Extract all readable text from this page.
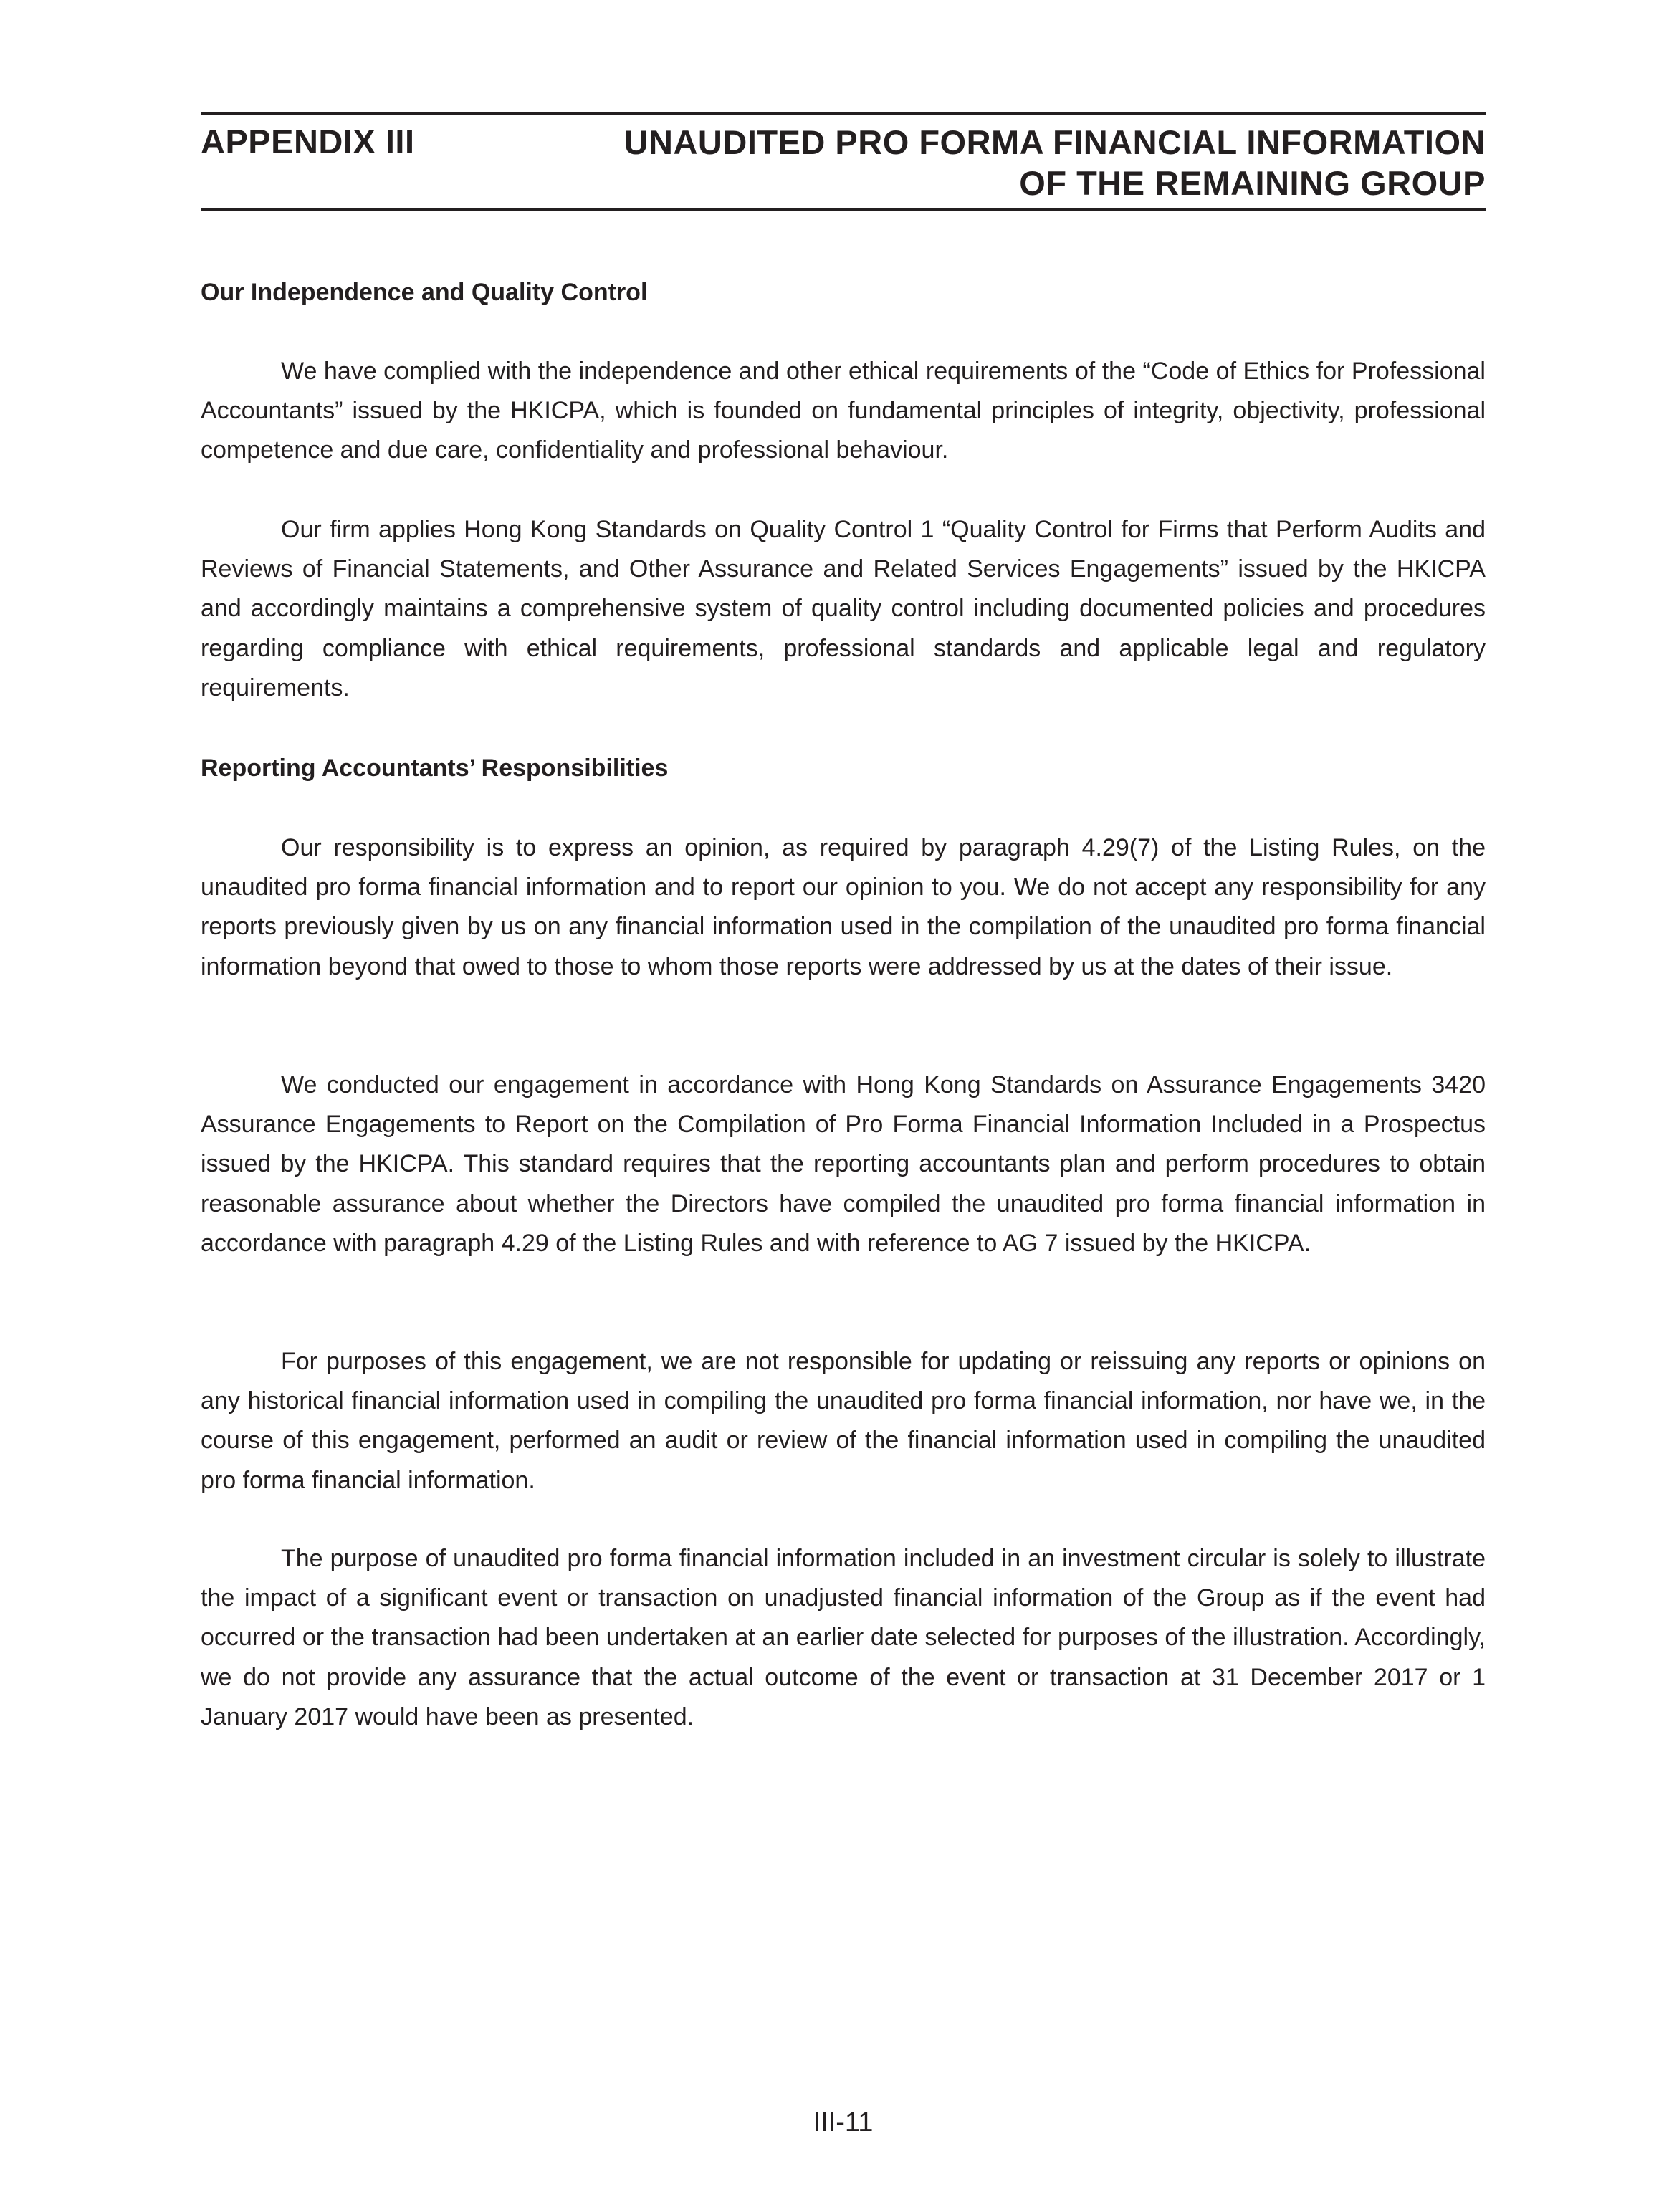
APPENDIX III	UNAUDITED PRO FORMA FINANCIAL INFORMATION
OF THE REMAINING GROUP
Our Independence and Quality Control

We have complied with the independence and other ethical requirements of the “Code of Ethics for Professional Accountants” issued by the HKICPA, which is founded on fundamental principles of integrity, objectivity, professional competence and due care, confidentiality and professional behaviour.

Our firm applies Hong Kong Standards on Quality Control 1 “Quality Control for Firms that Perform Audits and Reviews of Financial Statements, and Other Assurance and Related Services Engagements” issued by the HKICPA and accordingly maintains a comprehensive system of quality control including documented policies and procedures regarding compliance with ethical requirements, professional standards and applicable legal and regulatory requirements.

Reporting Accountants’ Responsibilities

Our responsibility is to express an opinion, as required by paragraph 4.29(7) of the Listing Rules, on the unaudited pro forma financial information and to report our opinion to you. We do not accept any responsibility for any reports previously given by us on any financial information used in the compilation of the unaudited pro forma financial information beyond that owed to those to whom those reports were addressed by us at the dates of their issue.

We conducted our engagement in accordance with Hong Kong Standards on Assurance Engagements 3420 Assurance Engagements to Report on the Compilation of Pro Forma Financial Information Included in a Prospectus issued by the HKICPA. This standard requires that the reporting accountants plan and perform procedures to obtain reasonable assurance about whether the Directors have compiled the unaudited pro forma financial information in accordance with paragraph 4.29 of the Listing Rules and with reference to AG 7 issued by the HKICPA.

For purposes of this engagement, we are not responsible for updating or reissuing any reports or opinions on any historical financial information used in compiling the unaudited pro forma financial information, nor have we, in the course of this engagement, performed an audit or review of the financial information used in compiling the unaudited pro forma financial information.

The purpose of unaudited pro forma financial information included in an investment circular is solely to illustrate the impact of a significant event or transaction on unadjusted financial information of the Group as if the event had occurred or the transaction had been undertaken at an earlier date selected for purposes of the illustration. Accordingly, we do not provide any assurance that the actual outcome of the event or transaction at 31 December 2017 or 1 January 2017 would have been as presented.

III-11
